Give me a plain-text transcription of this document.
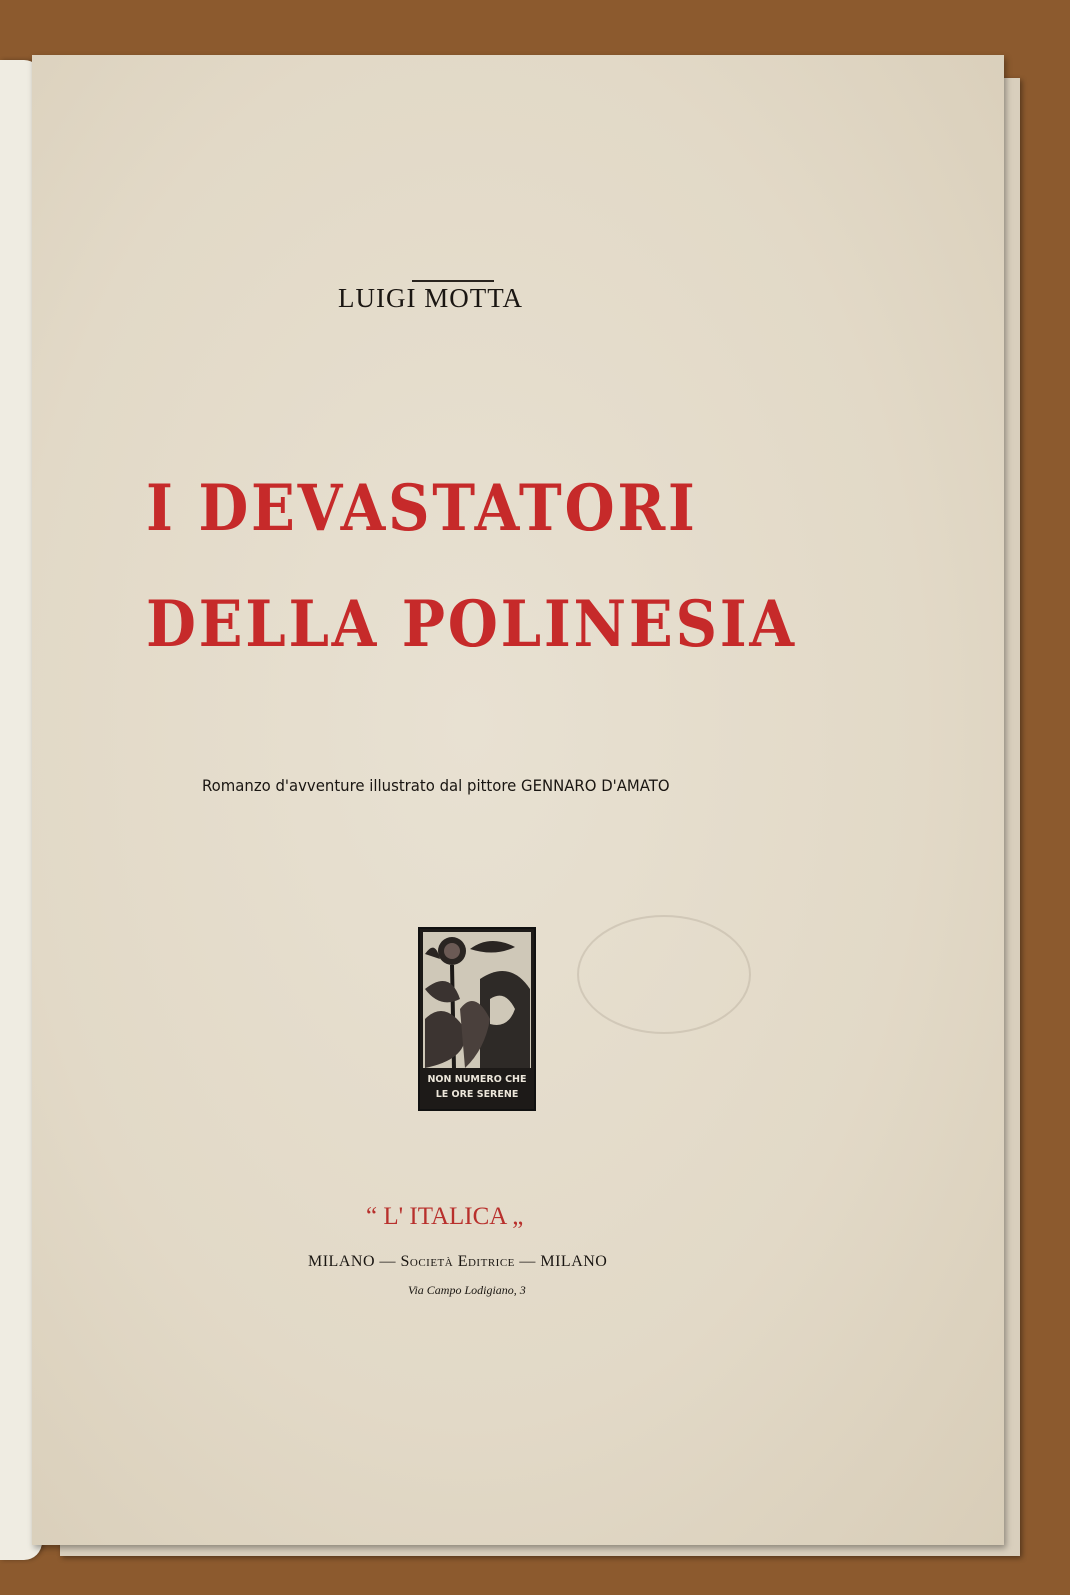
LUIGI MOTTA
I DEVASTATORI
DELLA POLINESIA
Romanzo d'avventure illustrato dal pittore GENNARO D'AMATO
NON NUMERO CHE
LE ORE SERENE
“ L' ITALICA „
MILANO — Società Editrice — MILANO
Via Campo Lodigiano, 3
